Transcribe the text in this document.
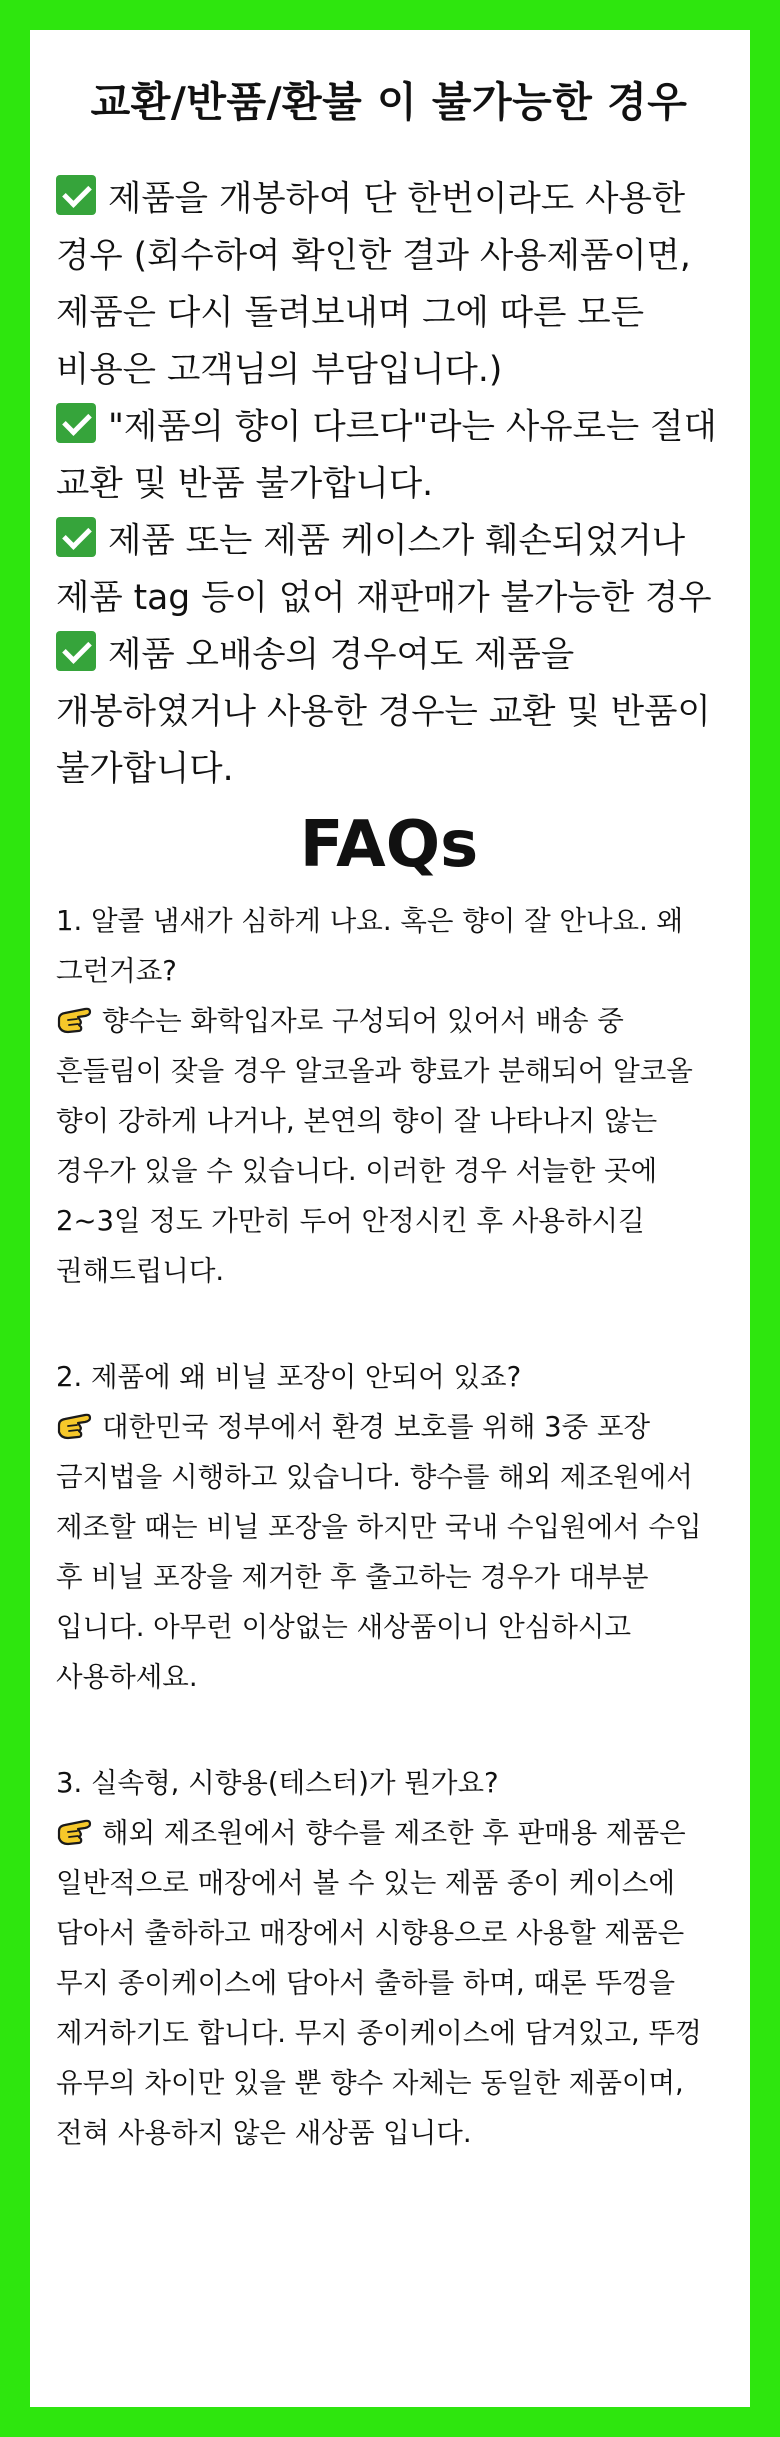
교환/반품/환불 이 불가능한 경우
제품을 개봉하여 단 한번이라도 사용한 경우 (회수하여 확인한 결과 사용제품이면, 제품은 다시 돌려보내며 그에 따른 모든 비용은 고객님의 부담입니다.)
"제품의 향이 다르다"라는 사유로는 절대 교환 및 반품 불가합니다.
제품 또는 제품 케이스가 훼손되었거나 제품 tag 등이 없어 재판매가 불가능한 경우
제품 오배송의 경우여도 제품을 개봉하였거나 사용한 경우는 교환 및 반품이 불가합니다.
FAQs
1. 알콜 냄새가 심하게 나요. 혹은 향이 잘 안나요. 왜 그런거죠?
향수는 화학입자로 구성되어 있어서 배송 중 흔들림이 잦을 경우 알코올과 향료가 분해되어 알코올 향이 강하게 나거나, 본연의 향이 잘 나타나지 않는 경우가 있을 수 있습니다. 이러한 경우 서늘한 곳에 2~3일 정도 가만히 두어 안정시킨 후 사용하시길 권해드립니다.
2. 제품에 왜 비닐 포장이 안되어 있죠?
대한민국 정부에서 환경 보호를 위해 3중 포장 금지법을 시행하고 있습니다. 향수를 해외 제조원에서 제조할 때는 비닐 포장을 하지만 국내 수입원에서 수입 후 비닐 포장을 제거한 후 출고하는 경우가 대부분 입니다. 아무런 이상없는 새상품이니 안심하시고 사용하세요.
3. 실속형, 시향용(테스터)가 뭔가요?
해외 제조원에서 향수를 제조한 후 판매용 제품은 일반적으로 매장에서 볼 수 있는 제품 종이 케이스에 담아서 출하하고 매장에서 시향용으로 사용할 제품은 무지 종이케이스에 담아서 출하를 하며, 때론 뚜껑을 제거하기도 합니다. 무지 종이케이스에 담겨있고, 뚜껑 유무의 차이만 있을 뿐 향수 자체는 동일한 제품이며, 전혀 사용하지 않은 새상품 입니다.
